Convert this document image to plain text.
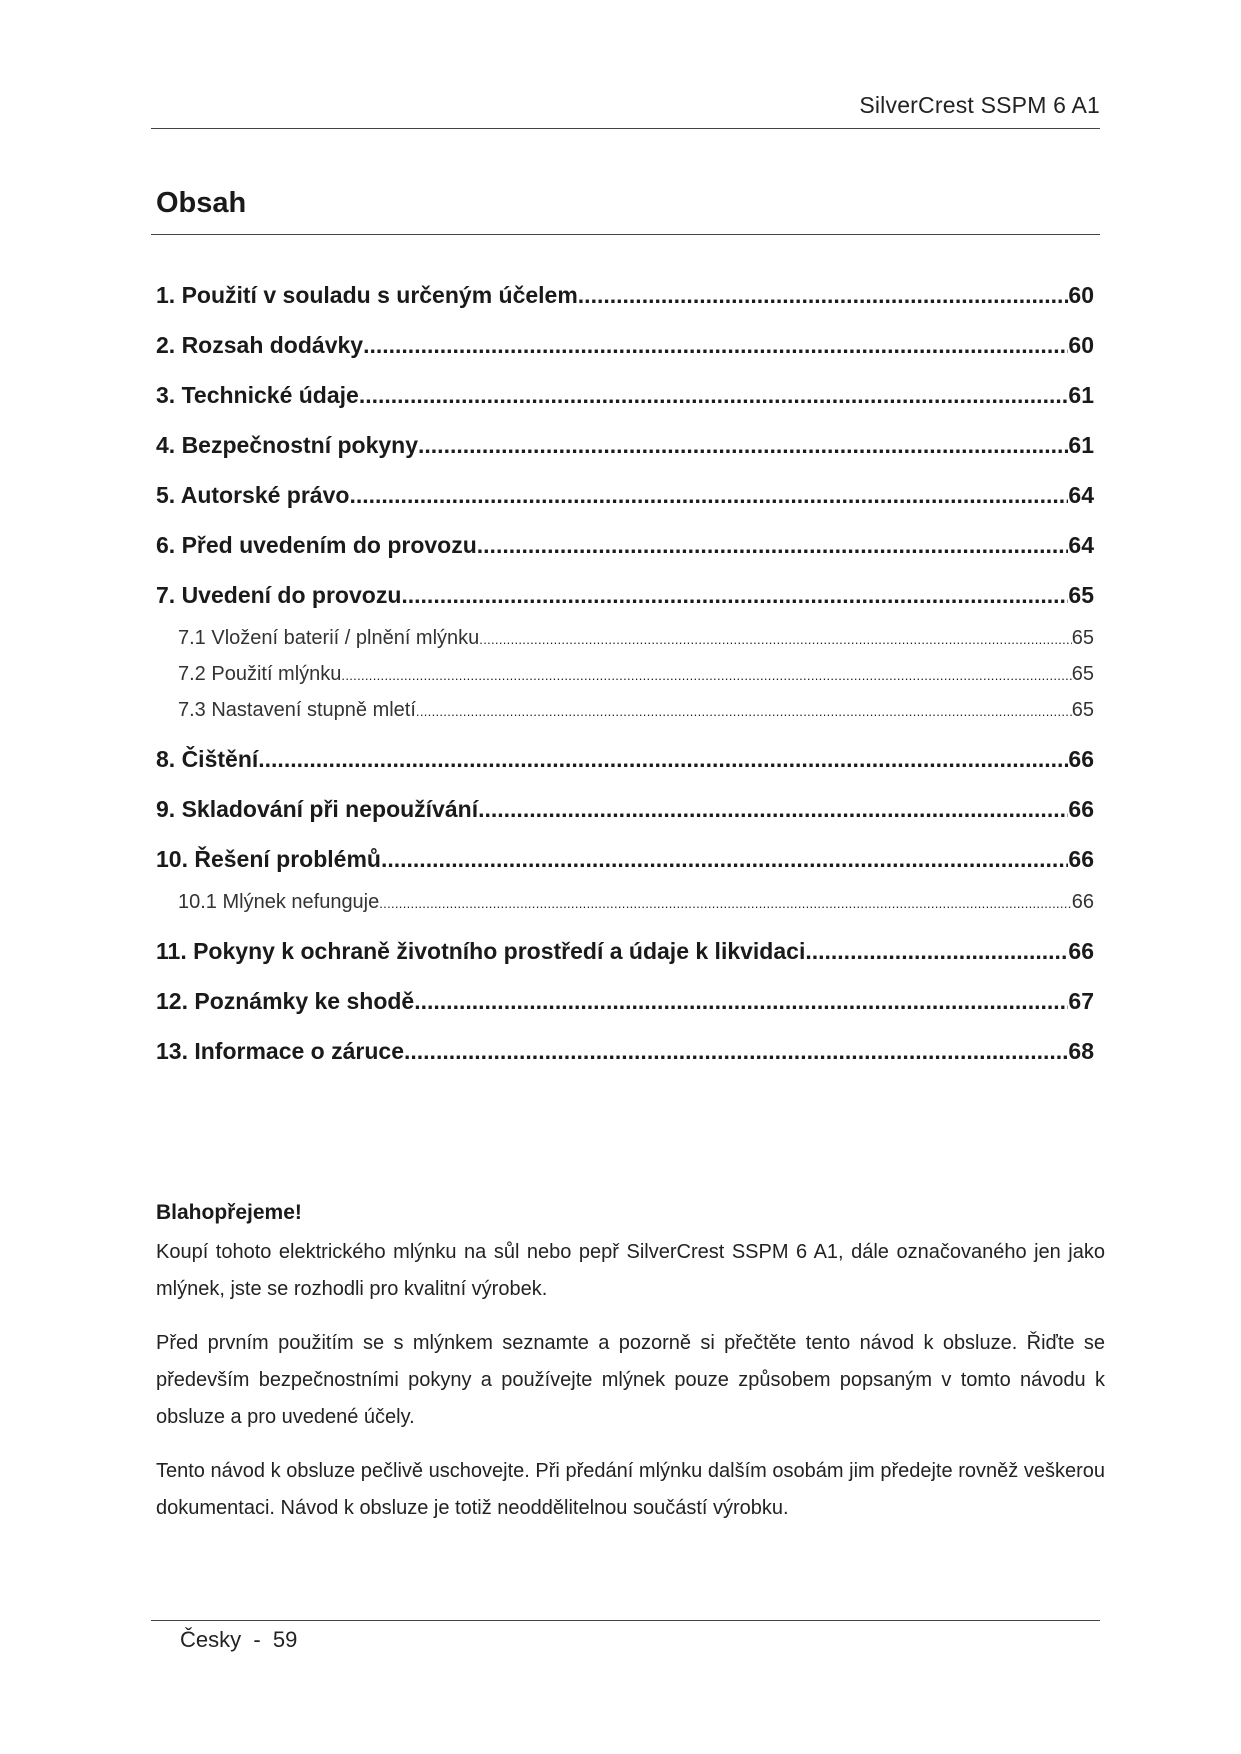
SilverCrest SSPM 6 A1
Obsah
1. Použití v souladu s určeným účelem .....	60
2. Rozsah dodávky .....	60
3. Technické údaje .....	61
4. Bezpečnostní pokyny .....	61
5. Autorské právo .....	64
6. Před uvedením do provozu .....	64
7. Uvedení do provozu .....	65
7.1 Vložení baterií / plnění mlýnku .....	65
7.2 Použití mlýnku .....	65
7.3 Nastavení stupně mletí .....	65
8. Čištění .....	66
9. Skladování při nepoužívání .....	66
10. Řešení problémů .....	66
10.1 Mlýnek nefunguje .....	66
11. Pokyny k ochraně životního prostředí a údaje k likvidaci .....	66
12. Poznámky ke shodě .....	67
13. Informace o záruce .....	68
Blahopřejeme!

Koupí tohoto elektrického mlýnku na sůl nebo pepř SilverCrest SSPM 6 A1, dále označovaného jen jako mlýnek, jste se rozhodli pro kvalitní výrobek.

Před prvním použitím se s mlýnkem seznamte a pozorně si přečtěte tento návod k obsluze. Řiďte se především bezpečnostními pokyny a používejte mlýnek pouze způsobem popsaným v tomto návodu k obsluze a pro uvedené účely.

Tento návod k obsluze pečlivě uschovejte. Při předání mlýnku dalším osobám jim předejte rovněž veškerou dokumentaci. Návod k obsluze je totiž neoddělitelnou součástí výrobku.

Česky  -  59
